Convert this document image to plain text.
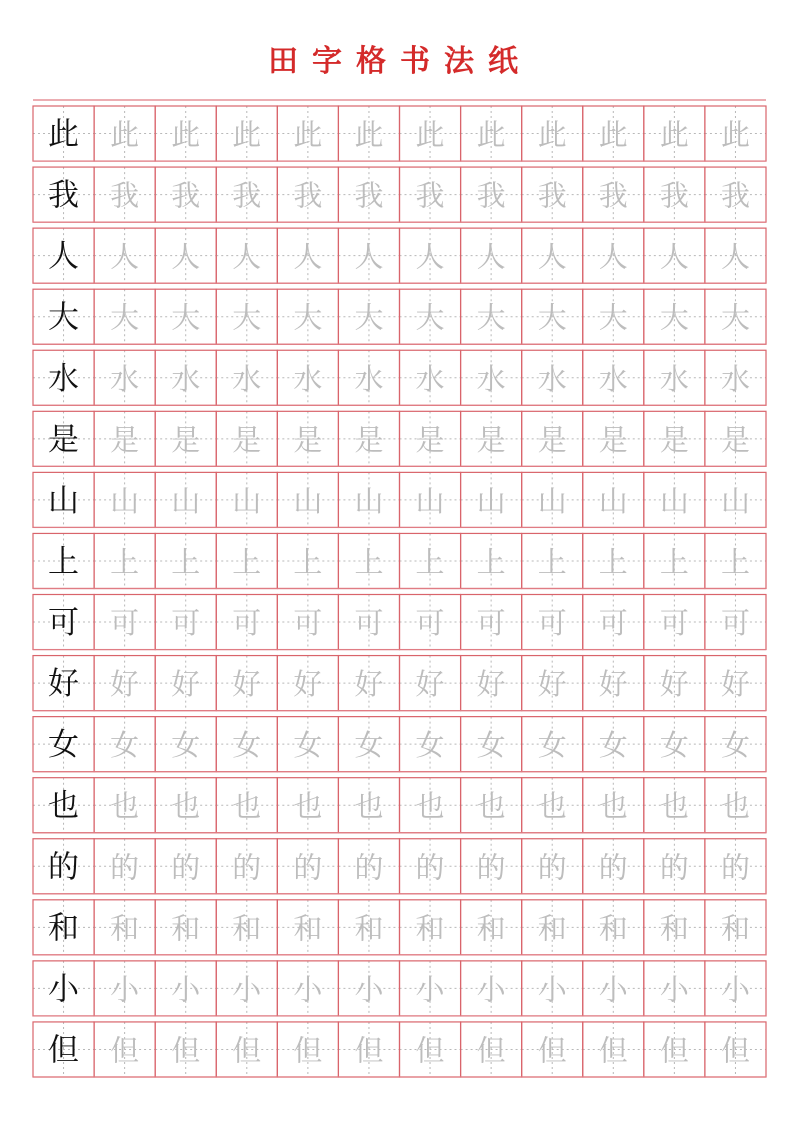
田字格书法纸
此 此 此 此 此 此 此 此 此 此 此 此
我 我 我 我 我 我 我 我 我 我 我 我
人 人 人 人 人 人 人 人 人 人 人 人
大 大 大 大 大 大 大 大 大 大 大 大
水 水 水 水 水 水 水 水 水 水 水 水
是 是 是 是 是 是 是 是 是 是 是 是
山 山 山 山 山 山 山 山 山 山 山 山
上 上 上 上 上 上 上 上 上 上 上 上
可 可 可 可 可 可 可 可 可 可 可 可
好 好 好 好 好 好 好 好 好 好 好 好
女 女 女 女 女 女 女 女 女 女 女 女
也 也 也 也 也 也 也 也 也 也 也 也
的 的 的 的 的 的 的 的 的 的 的 的
和 和 和 和 和 和 和 和 和 和 和 和
小 小 小 小 小 小 小 小 小 小 小 小
但 但 但 但 但 但 但 但 但 但 但 但
